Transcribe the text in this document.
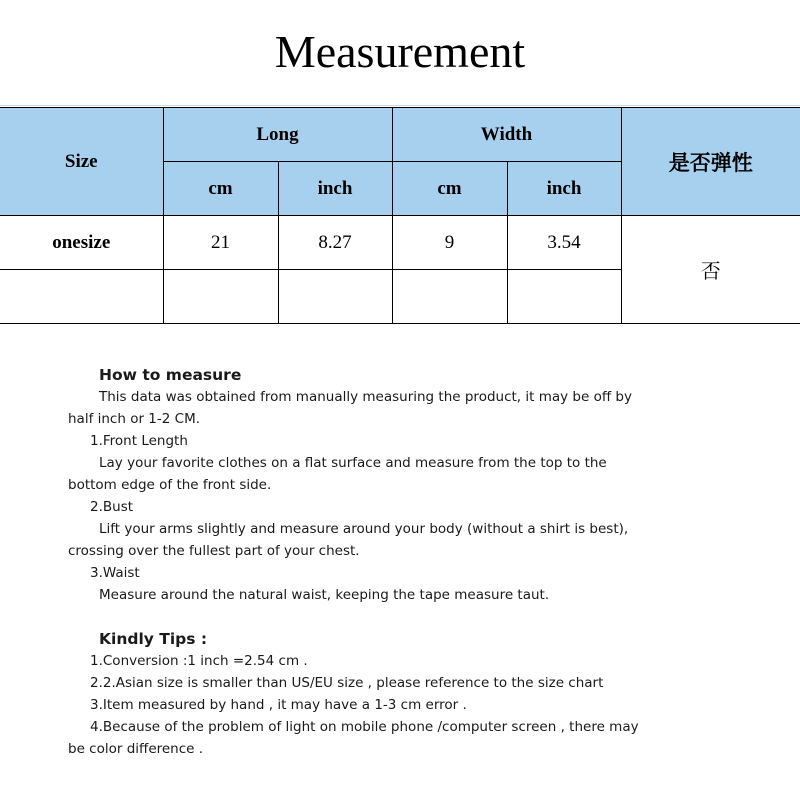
Measurement
Size	Long		Width		是否弹性
	cm	inch	cm	inch	
onesize	21	8.27	9	3.54	否

How to measure

This data was obtained from manually measuring the product, it may be off by

half inch or 1-2 CM.

1.Front Length

Lay your favorite clothes on a flat surface and measure from the top to the

bottom edge of the front side.

2.Bust

Lift your arms slightly and measure around your body (without a shirt is best),

crossing over the fullest part of your chest.

3.Waist

Measure around the natural waist, keeping the tape measure taut.

Kindly Tips :

1.Conversion :1 inch =2.54 cm .

2.2.Asian size is smaller than US/EU size , please reference to the size chart

3.Item measured by hand , it may have a 1-3 cm error .

4.Because of the problem of light on mobile phone /computer screen , there may

be color difference .
